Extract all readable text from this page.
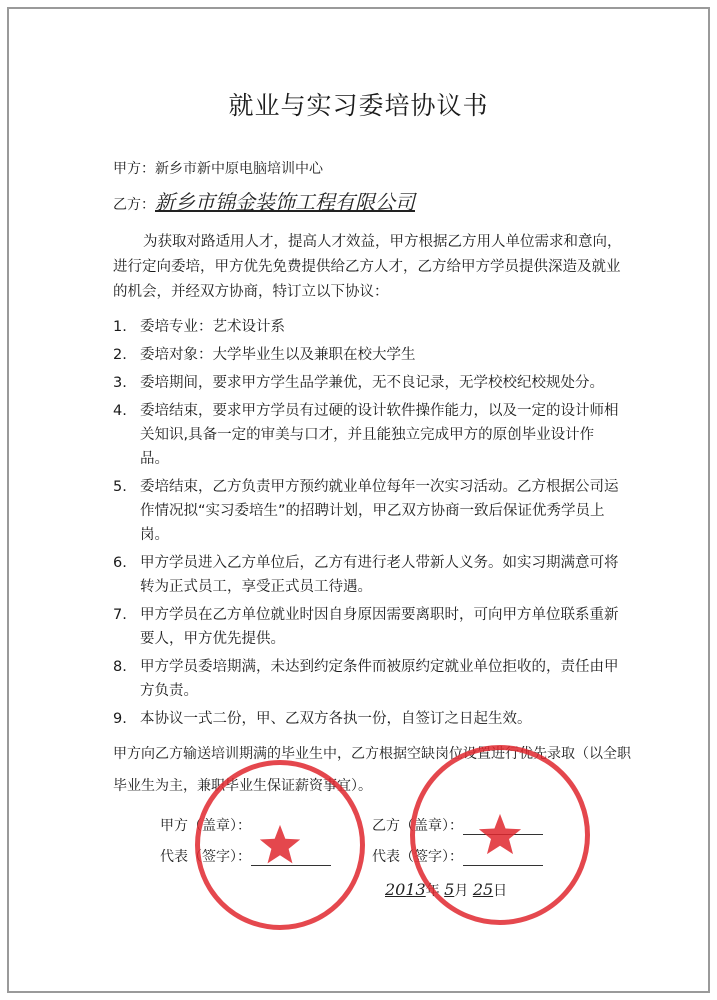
就业与实习委培协议书
甲方：新乡市新中原电脑培训中心
乙方：新乡市锦金装饰工程有限公司
为获取对路适用人才，提高人才效益，甲方根据乙方用人单位需求和意向，进行定向委培，甲方优先免费提供给乙方人才，乙方给甲方学员提供深造及就业的机会，并经双方协商，特订立以下协议：
1. 委培专业：艺术设计系
2. 委培对象：大学毕业生以及兼职在校大学生
3. 委培期间，要求甲方学生品学兼优，无不良记录，无学校校纪校规处分。
4. 委培结束，要求甲方学员有过硬的设计软件操作能力，以及一定的设计师相关知识,具备一定的审美与口才，并且能独立完成甲方的原创毕业设计作品。
5. 委培结束，乙方负责甲方预约就业单位每年一次实习活动。乙方根据公司运作情况拟“实习委培生”的招聘计划，甲乙双方协商一致后保证优秀学员上岗。
6. 甲方学员进入乙方单位后，乙方有进行老人带新人义务。如实习期满意可将转为正式员工，享受正式员工待遇。
7. 甲方学员在乙方单位就业时因自身原因需要离职时，可向甲方单位联系重新要人，甲方优先提供。
8. 甲方学员委培期满，未达到约定条件而被原约定就业单位拒收的，责任由甲方负责。
9. 本协议一式二份，甲、乙双方各执一份，自签订之日起生效。
甲方向乙方输送培训期满的毕业生中，乙方根据空缺岗位设置进行优先录取（以全职毕业生为主，兼职毕业生保证薪资事宜）。
甲方（盖章）：
代表（签字）：
乙方（盖章）：
代表（签字）：
2013年 5月 25日
